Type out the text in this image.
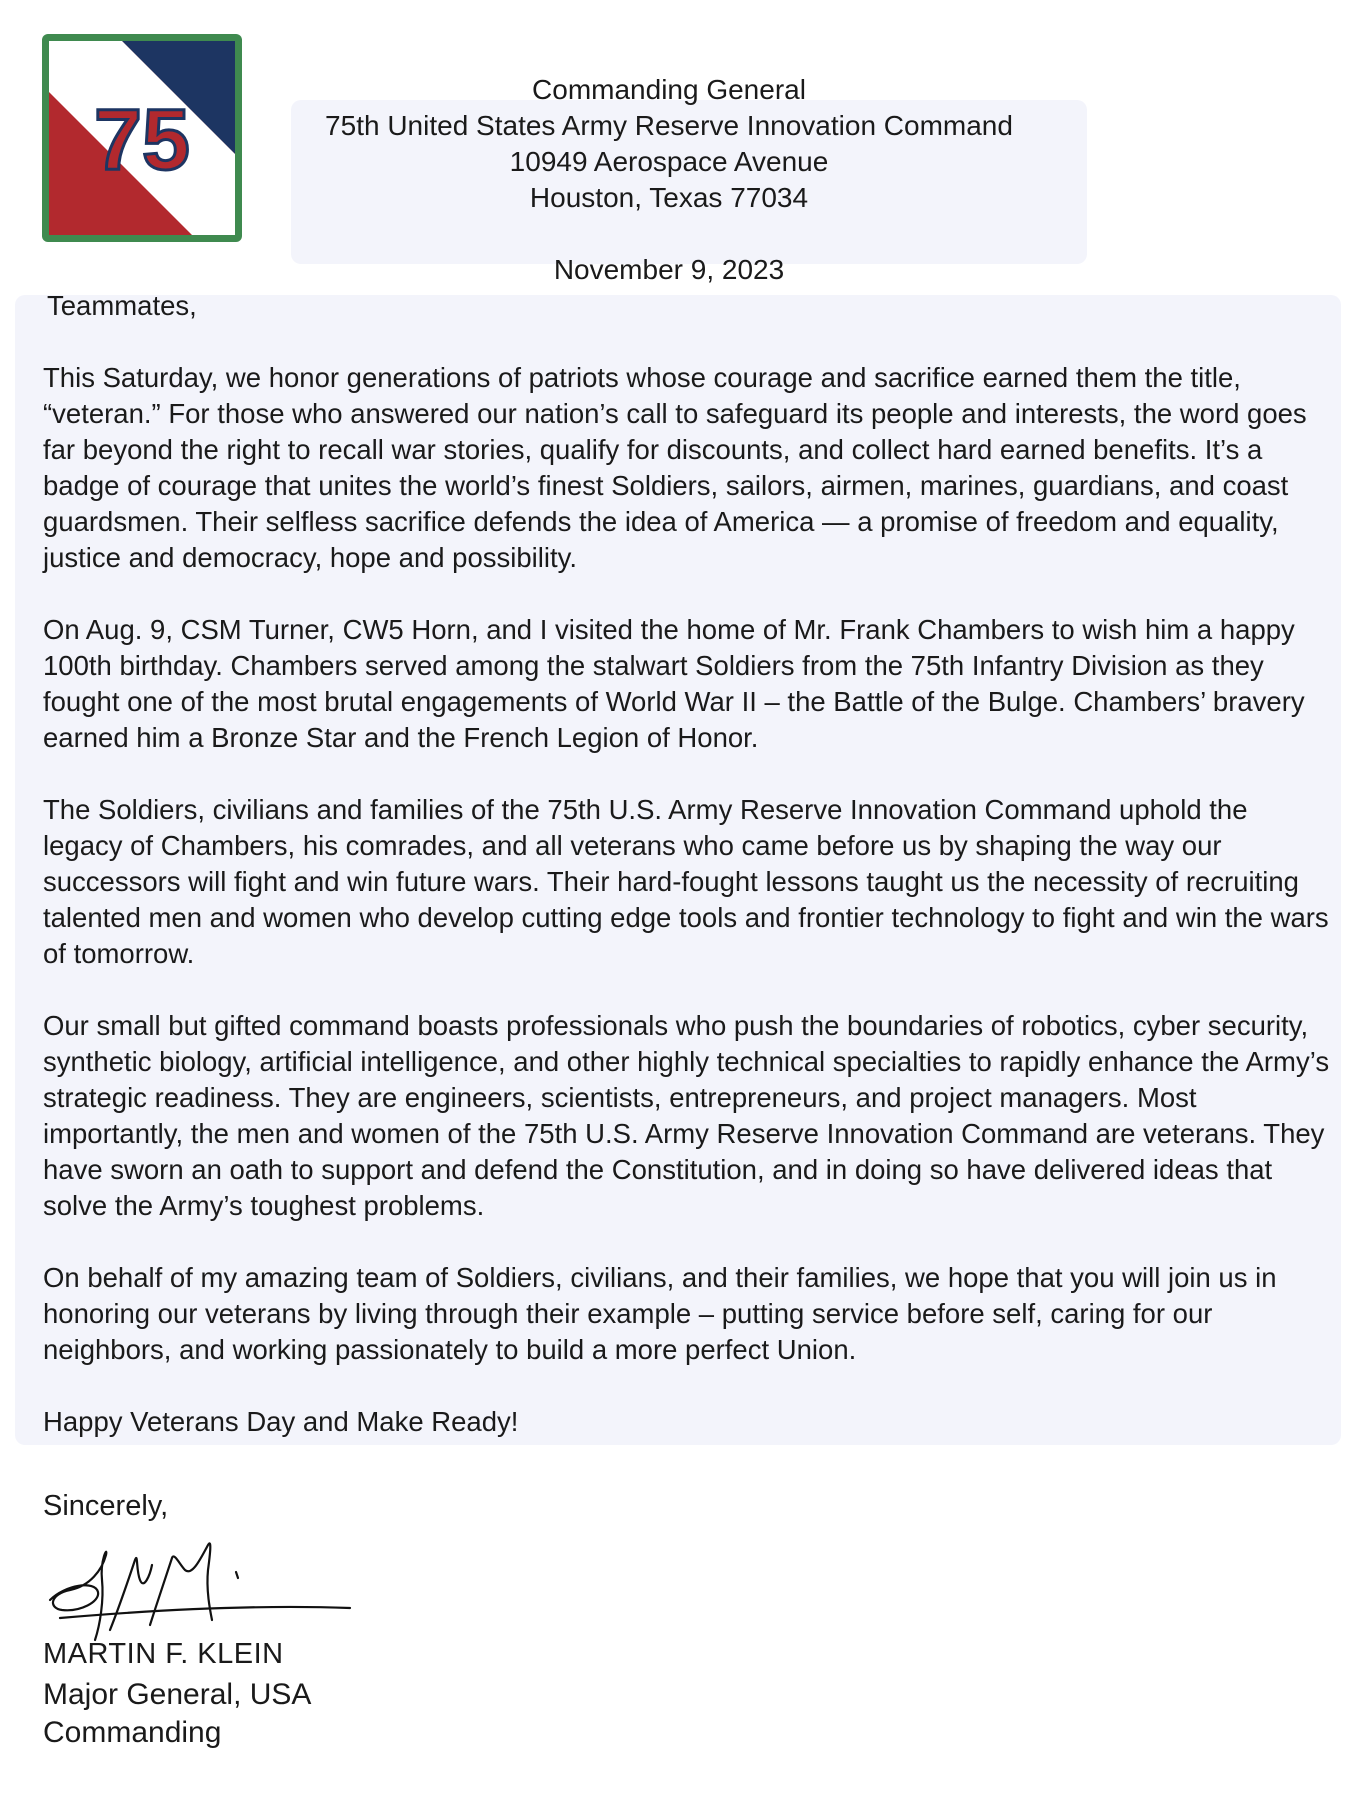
75
Commanding General
75th United States Army Reserve Innovation Command
10949 Aerospace Avenue
Houston, Texas 77034
November 9, 2023

Teammates,

This Saturday, we honor generations of patriots whose courage and sacrifice earned them the title, “veteran.” For those who answered our nation’s call to safeguard its people and interests, the word goes far beyond the right to recall war stories, qualify for discounts, and collect hard earned benefits. It’s a badge of courage that unites the world’s finest Soldiers, sailors, airmen, marines, guardians, and coast guardsmen. Their selfless sacrifice defends the idea of America — a promise of freedom and equality, justice and democracy, hope and possibility.

On Aug. 9, CSM Turner, CW5 Horn, and I visited the home of Mr. Frank Chambers to wish him a happy 100th birthday. Chambers served among the stalwart Soldiers from the 75th Infantry Division as they fought one of the most brutal engagements of World War II – the Battle of the Bulge. Chambers’ bravery earned him a Bronze Star and the French Legion of Honor.

The Soldiers, civilians and families of the 75th U.S. Army Reserve Innovation Command uphold the legacy of Chambers, his comrades, and all veterans who came before us by shaping the way our successors will fight and win future wars. Their hard-fought lessons taught us the necessity of recruiting talented men and women who develop cutting edge tools and frontier technology to fight and win the wars of tomorrow.

Our small but gifted command boasts professionals who push the boundaries of robotics, cyber security, synthetic biology, artificial intelligence, and other highly technical specialties to rapidly enhance the Army’s strategic readiness. They are engineers, scientists, entrepreneurs, and project managers. Most importantly, the men and women of the 75th U.S. Army Reserve Innovation Command are veterans. They have sworn an oath to support and defend the Constitution, and in doing so have delivered ideas that solve the Army’s toughest problems.

On behalf of my amazing team of Soldiers, civilians, and their families, we hope that you will join us in honoring our veterans by living through their example – putting service before self, caring for our neighbors, and working passionately to build a more perfect Union.

Happy Veterans Day and Make Ready!

Sincerely,
MARTIN F. KLEIN
Major General, USA
Commanding
